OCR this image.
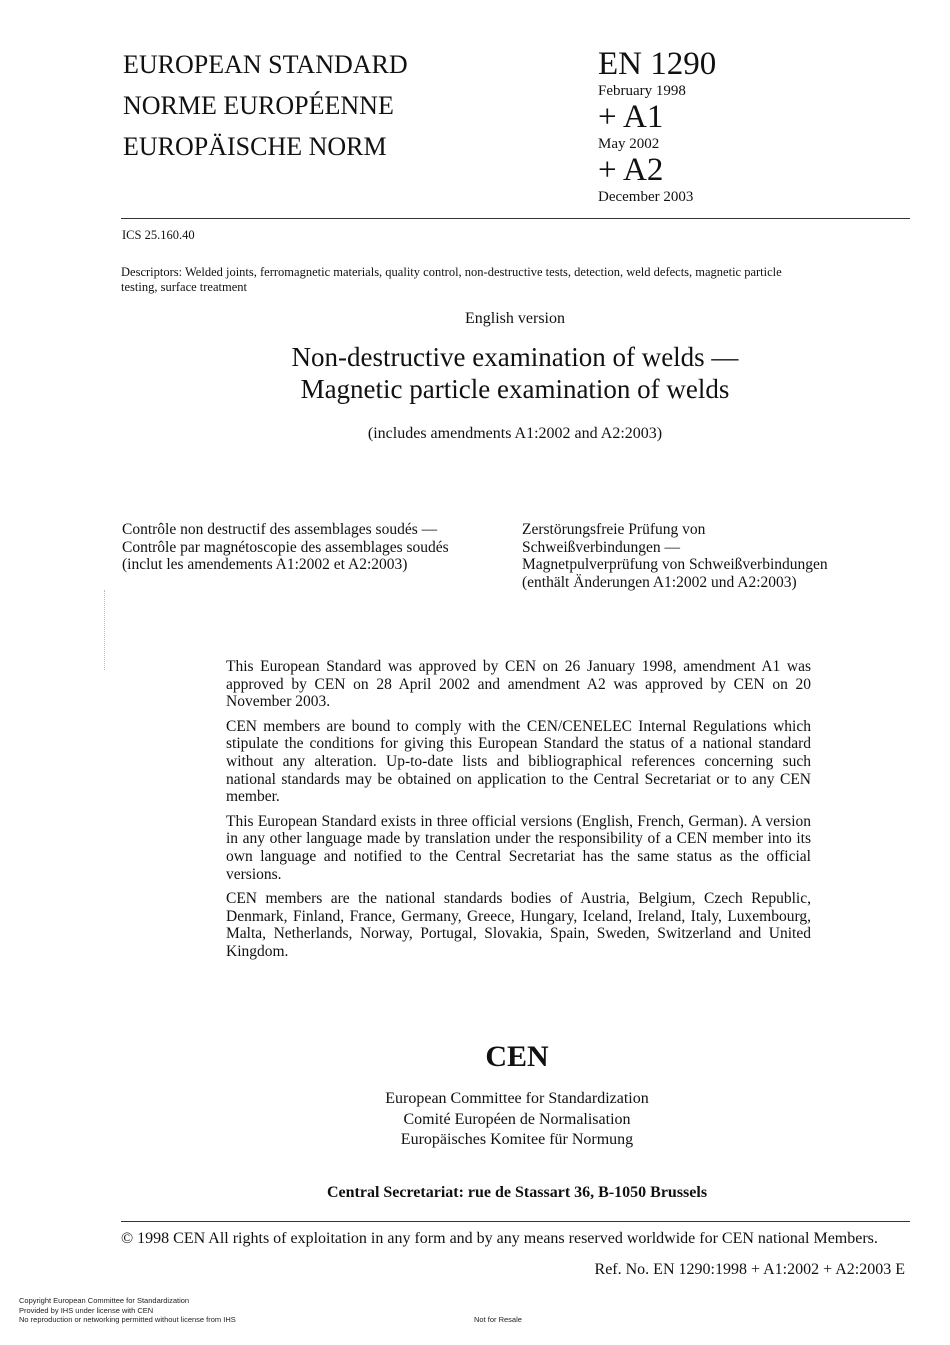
EUROPEAN STANDARD
NORME EUROPÉENNE
EUROPÄISCHE NORM
EN 1290
February 1998
+ A1
May 2002
+ A2
December 2003
ICS 25.160.40
Descriptors: Welded joints, ferromagnetic materials, quality control, non-destructive tests, detection, weld defects, magnetic particle testing, surface treatment
English version
Non-destructive examination of welds —
Magnetic particle examination of welds
(includes amendments A1:2002 and A2:2003)
Contrôle non destructif des assemblages soudés —
Contrôle par magnétoscopie des assemblages soudés
(inclut les amendements A1:2002 et A2:2003)
Zerstörungsfreie Prüfung von
Schweißverbindungen —
Magnetpulverprüfung von Schweißverbindungen
(enthält Änderungen A1:2002 und A2:2003)

This European Standard was approved by CEN on 26 January 1998, amendment A1 was approved by CEN on 28 April 2002 and amendment A2 was approved by CEN on 20 November 2003.

CEN members are bound to comply with the CEN/CENELEC Internal Regulations which stipulate the conditions for giving this European Standard the status of a national standard without any alteration. Up-to-date lists and bibliographical references concerning such national standards may be obtained on application to the Central Secretariat or to any CEN member.

This European Standard exists in three official versions (English, French, German). A version in any other language made by translation under the responsibility of a CEN member into its own language and notified to the Central Secretariat has the same status as the official versions.

CEN members are the national standards bodies of Austria, Belgium, Czech Republic, Denmark, Finland, France, Germany, Greece, Hungary, Iceland, Ireland, Italy, Luxembourg, Malta, Netherlands, Norway, Portugal, Slovakia, Spain, Sweden, Switzerland and United Kingdom.

CEN
European Committee for Standardization
Comité Européen de Normalisation
Europäisches Komitee für Normung
Central Secretariat: rue de Stassart 36, B-1050 Brussels
© 1998 CEN All rights of exploitation in any form and by any means reserved worldwide for CEN national Members.
Ref. No. EN 1290:1998 + A1:2002 + A2:2003 E
Copyright European Committee for Standardization
Provided by IHS under license with CEN
No reproduction or networking permitted without license from IHS	Not for Resale
